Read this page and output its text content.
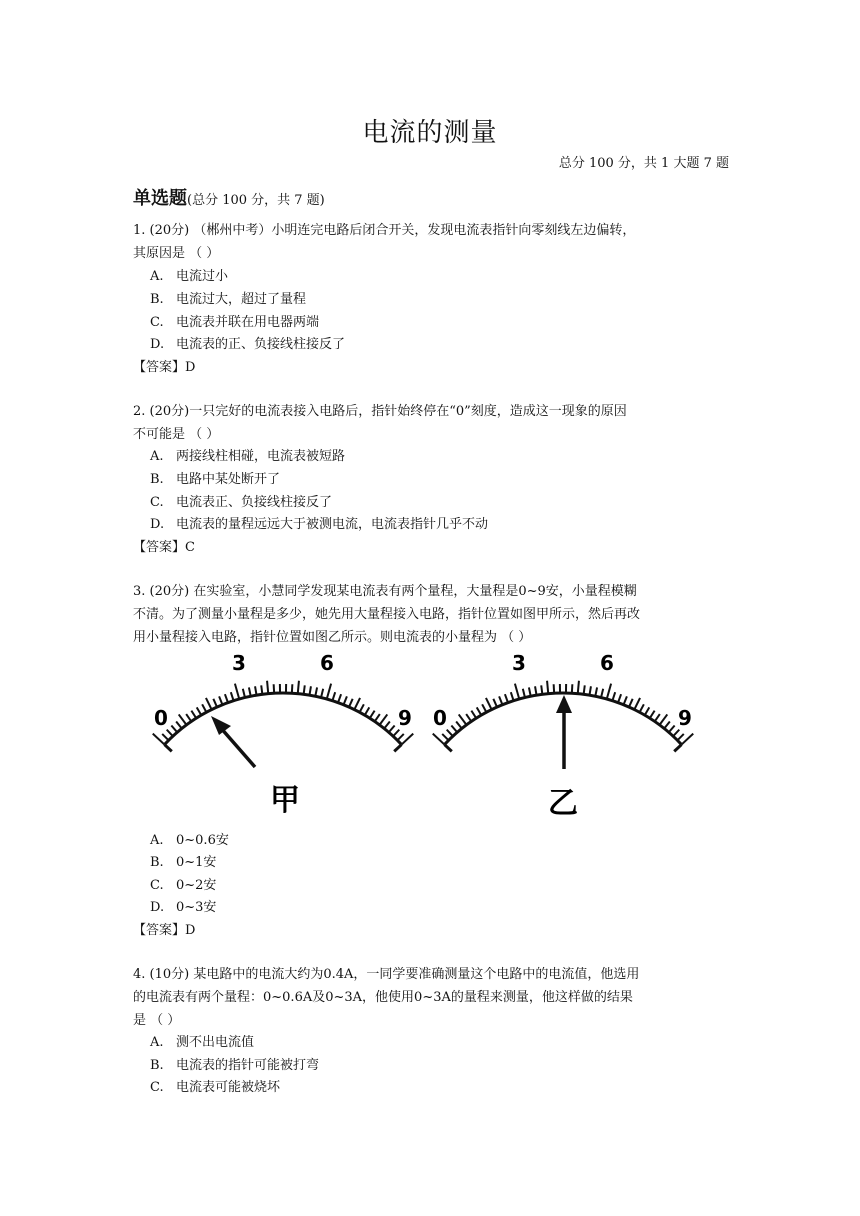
电流的测量
总分 100 分，共 1 大题 7 题
单选题(总分 100 分，共 7 题)
1. (20分) （郴州中考）小明连完电路后闭合开关，发现电流表指针向零刻线左边偏转，
其原因是 （ ）
A. 电流过小
B. 电流过大，超过了量程
C. 电流表并联在用电器两端
D. 电流表的正、负接线柱接反了
【答案】D
2. (20分)一只完好的电流表接入电路后，指针始终停在“0”刻度，造成这一现象的原因
不可能是 （ ）
A. 两接线柱相碰，电流表被短路
B. 电路中某处断开了
C. 电流表正、负接线柱接反了
D. 电流表的量程远远大于被测电流，电流表指针几乎不动
【答案】C
3. (20分) 在实验室，小慧同学发现某电流表有两个量程，大量程是0~9安，小量程模糊
不清。为了测量小量程是多少，她先用大量程接入电路，指针位置如图甲所示，然后再改
用小量程接入电路，指针位置如图乙所示。则电流表的小量程为 （ ）
0
3	6
9 0
3	6
9
甲	乙
A. 0~0.6安
B. 0~1安
C. 0~2安
D. 0~3安
【答案】D
4. (10分) 某电路中的电流大约为0.4A，一同学要准确测量这个电路中的电流值，他选用
的电流表有两个量程：0~0.6A及0~3A，他使用0~3A的量程来测量，他这样做的结果
是 （ ）
A. 测不出电流值
B. 电流表的指针可能被打弯
C. 电流表可能被烧坏
